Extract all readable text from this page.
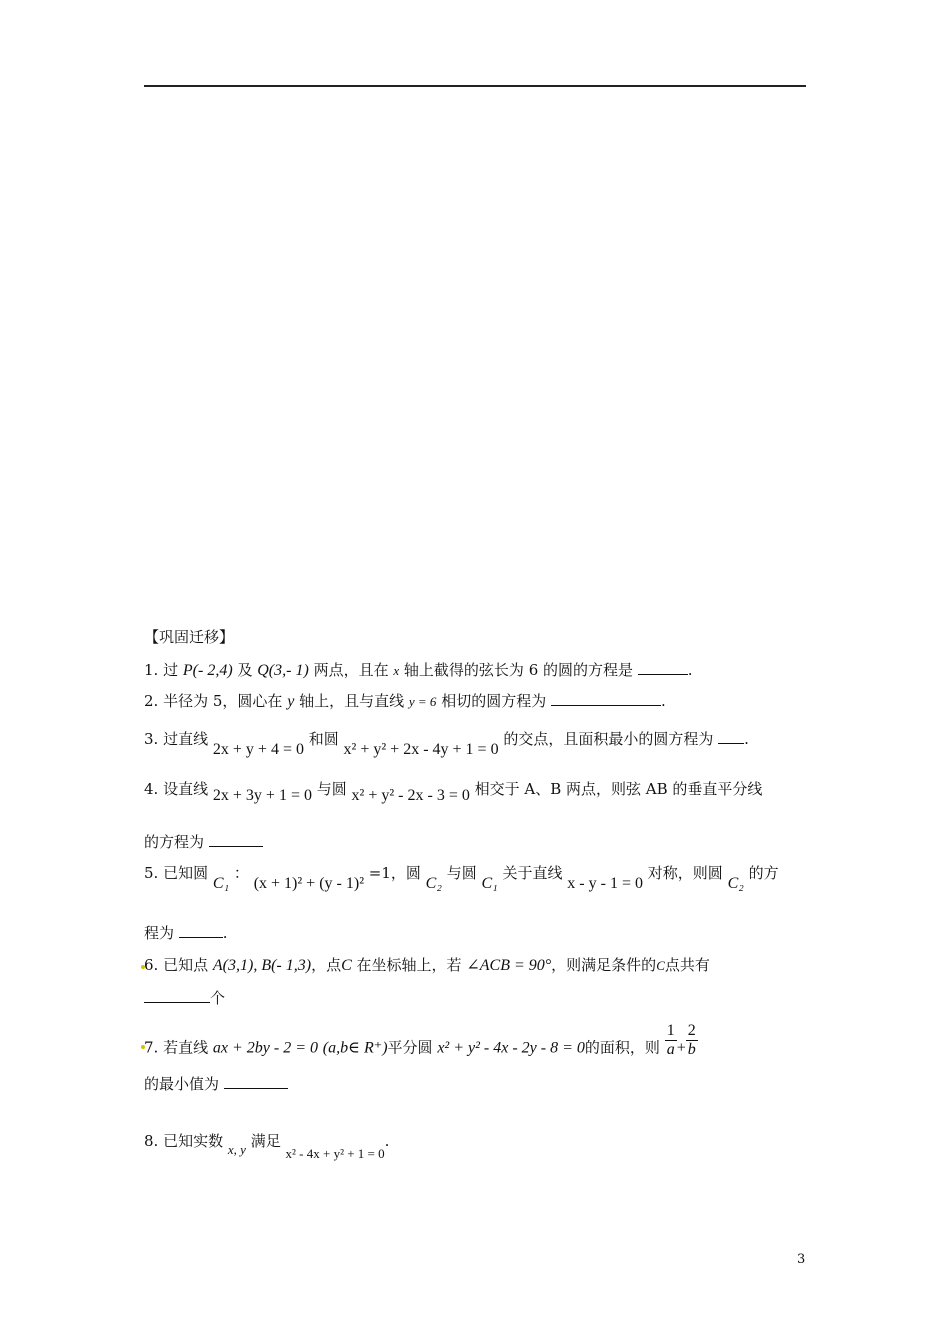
【巩固迁移】
1. 过 P(- 2,4) 及 Q(3,- 1) 两点，且在 x 轴上截得的弦长为 6 的圆的方程是	.
2. 半径为 5，圆心在 y 轴上，且与直线 y = 6 相切的圆方程为	.
3. 过直线 2x + y + 4 = 0 和圆 x² + y² + 2x - 4y + 1 = 0 的交点，且面积最小的圆方程为 .
4. 设直线 2x + 3y + 1 = 0 与圆 x² + y² - 2x - 3 = 0 相交于 A、B 两点，则弦 AB 的垂直平分线
的方程为
5. 已知圆 C₁ ： (x + 1)² + (y - 1)² =1，圆 C₂ 与圆 C₁ 关于直线 x - y - 1 = 0 对称，则圆 C₂ 的方
程为	.
6. 已知点 A(3,1), B(- 1,3)，点C 在坐标轴上，若 ∠ACB = 90°，则满足条件的C点共有
个
7. 若直线 ax + 2by - 2 = 0 (a,b∈ R⁺)平分圆 x² + y² - 4x - 2y - 8 = 0的面积，则 $\frac{1}{a} + \frac{2}{b}$
的最小值为
8. 已知实数 x, y 满足 x² - 4x + y² + 1 = 0.
3
